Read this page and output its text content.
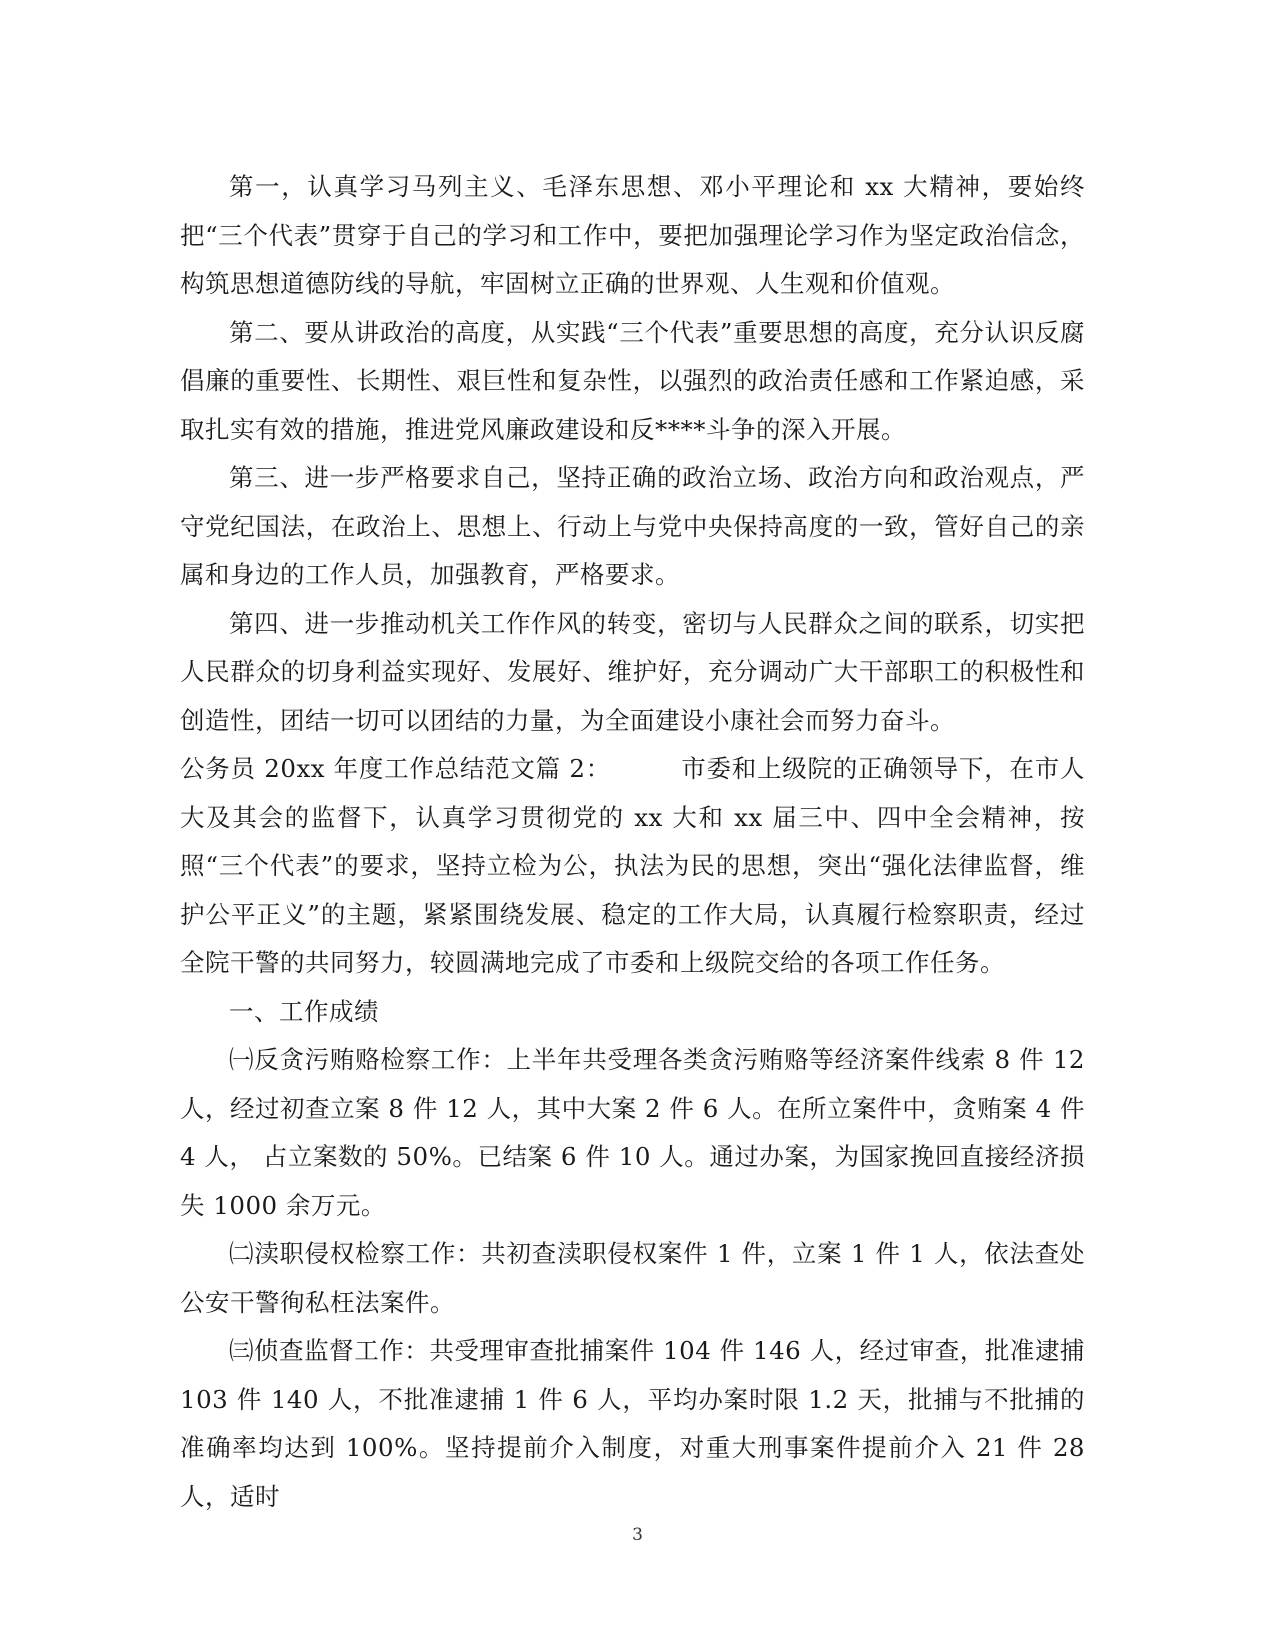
第一，认真学习马列主义、毛泽东思想、邓小平理论和 xx 大精神，要始终把“三个代表”贯穿于自己的学习和工作中，要把加强理论学习作为坚定政治信念，构筑思想道德防线的导航，牢固树立正确的世界观、人生观和价值观。

第二、要从讲政治的高度，从实践“三个代表”重要思想的高度，充分认识反腐倡廉的重要性、长期性、艰巨性和复杂性，以强烈的政治责任感和工作紧迫感，采取扎实有效的措施，推进党风廉政建设和反****斗争的深入开展。

第三、进一步严格要求自己，坚持正确的政治立场、政治方向和政治观点，严守党纪国法，在政治上、思想上、行动上与党中央保持高度的一致，管好自己的亲属和身边的工作人员，加强教育，严格要求。

第四、进一步推动机关工作作风的转变，密切与人民群众之间的联系，切实把人民群众的切身利益实现好、发展好、维护好，充分调动广大干部职工的积极性和创造性，团结一切可以团结的力量，为全面建设小康社会而努力奋斗。

公务员 20xx 年度工作总结范文篇 2：	市委和上级院的正确领导下，在市人大及其会的监督下，认真学习贯彻党的 xx 大和 xx 届三中、四中全会精神，按照“三个代表”的要求，坚持立检为公，执法为民的思想，突出“强化法律监督，维护公平正义”的主题，紧紧围绕发展、稳定的工作大局，认真履行检察职责，经过全院干警的共同努力，较圆满地完成了市委和上级院交给的各项工作任务。

一、工作成绩

㈠反贪污贿赂检察工作：上半年共受理各类贪污贿赂等经济案件线索 8 件 12 人，经过初查立案 8 件 12 人，其中大案 2 件 6 人。在所立案件中，贪贿案 4 件 4 人， 占立案数的 50%。已结案 6 件 10 人。通过办案，为国家挽回直接经济损失 1000 余万元。

㈡渎职侵权检察工作：共初查渎职侵权案件 1 件，立案 1 件 1 人，依法查处公安干警徇私枉法案件。

㈢侦查监督工作：共受理审查批捕案件 104 件 146 人，经过审查，批准逮捕 103 件 140 人，不批准逮捕 1 件 6 人，平均办案时限 1.2 天，批捕与不批捕的准确率均达到 100%。坚持提前介入制度，对重大刑事案件提前介入 21 件 28 人，适时

3
